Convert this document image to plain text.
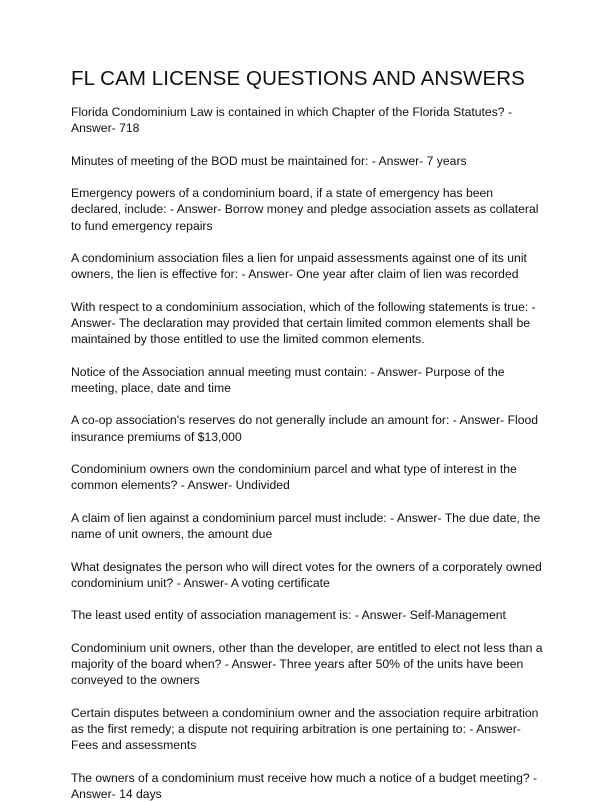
FL CAM LICENSE QUESTIONS AND ANSWERS
Florida Condominium Law is contained in which Chapter of the Florida Statutes? - Answer- 718
Minutes of meeting of the BOD must be maintained for: - Answer- 7 years
Emergency powers of a condominium board, if a state of emergency has been declared, include: - Answer- Borrow money and pledge association assets as collateral to fund emergency repairs
A condominium association files a lien for unpaid assessments against one of its unit owners, the lien is effective for: - Answer- One year after claim of lien was recorded
With respect to a condominium association, which of the following statements is true: - Answer- The declaration may provided that certain limited common elements shall be maintained by those entitled to use the limited common elements.
Notice of the Association annual meeting must contain: - Answer- Purpose of the meeting, place, date and time
A co-op association's reserves do not generally include an amount for: - Answer- Flood insurance premiums of $13,000
Condominium owners own the condominium parcel and what type of interest in the common elements? - Answer- Undivided
A claim of lien against a condominium parcel must include: - Answer- The due date, the name of unit owners, the amount due
What designates the person who will direct votes for the owners of a corporately owned condominium unit? - Answer- A voting certificate
The least used entity of association management is: - Answer- Self-Management
Condominium unit owners, other than the developer, are entitled to elect not less than a majority of the board when? - Answer- Three years after 50% of the units have been conveyed to the owners
Certain disputes between a condominium owner and the association require arbitration as the first remedy; a dispute not requiring arbitration is one pertaining to: - Answer- Fees and assessments
The owners of a condominium must receive how much a notice of a budget meeting? - Answer- 14 days
